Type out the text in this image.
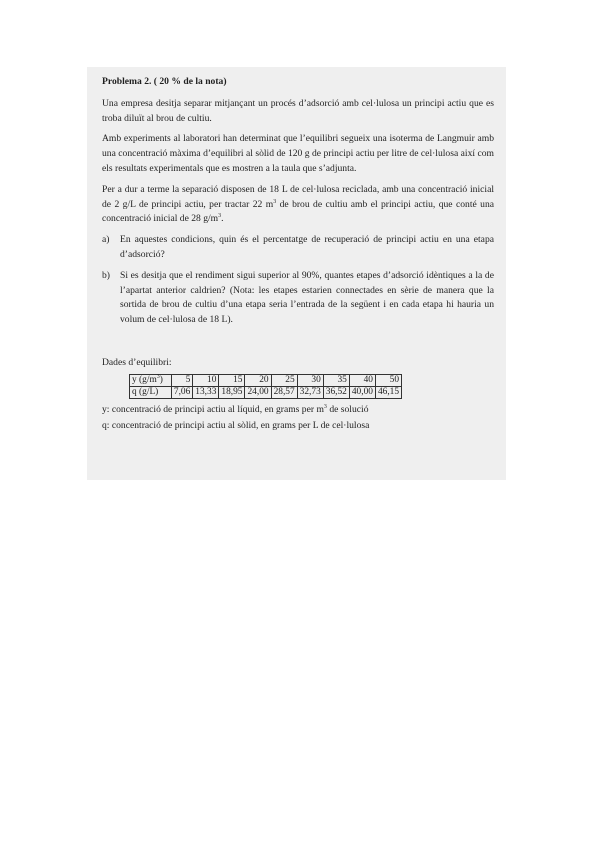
Problema 2. ( 20 % de la nota)

Una empresa desitja separar mitjançant un procés d’adsorció amb cel·lulosa un principi actiu que es troba diluït al brou de cultiu.

Amb experiments al laboratori han determinat que l’equilibri segueix una isoterma de Langmuir amb una concentració màxima d’equilibri al sòlid de 120 g de principi actiu per litre de cel·lulosa així com els resultats experimentals que es mostren a la taula que s’adjunta.

Per a dur a terme la separació disposen de 18 L de cel·lulosa reciclada, amb una concentració inicial de 2 g/L de principi actiu, per tractar 22 $m^3$ de brou de cultiu amb el principi actiu, que conté una concentració inicial de 28 $g/m^3$.

a) En aquestes condicions, quin és el percentatge de recuperació de principi actiu en una etapa d’adsorció?
b) Si es desitja que el rendiment sigui superior al 90%, quantes etapes d’adsorció idèntiques a la de l’apartat anterior caldrien? (Nota: les etapes estarien connectades en sèrie de manera que la sortida de brou de cultiu d’una etapa seria l’entrada de la següent i en cada etapa hi hauria un volum de cel·lulosa de 18 L).
Dades d’equilibri:
y $(g/m^3)$	5	10	15	20	25	30	35	40	50
q (g/L)	7,06	13,33	18,95	24,00	28,57	32,73	36,52	40,00	46,15
y: concentració de principi actiu al líquid, en grams per $m^3$ de solució
q: concentració de principi actiu al sòlid, en grams per L de cel·lulosa
